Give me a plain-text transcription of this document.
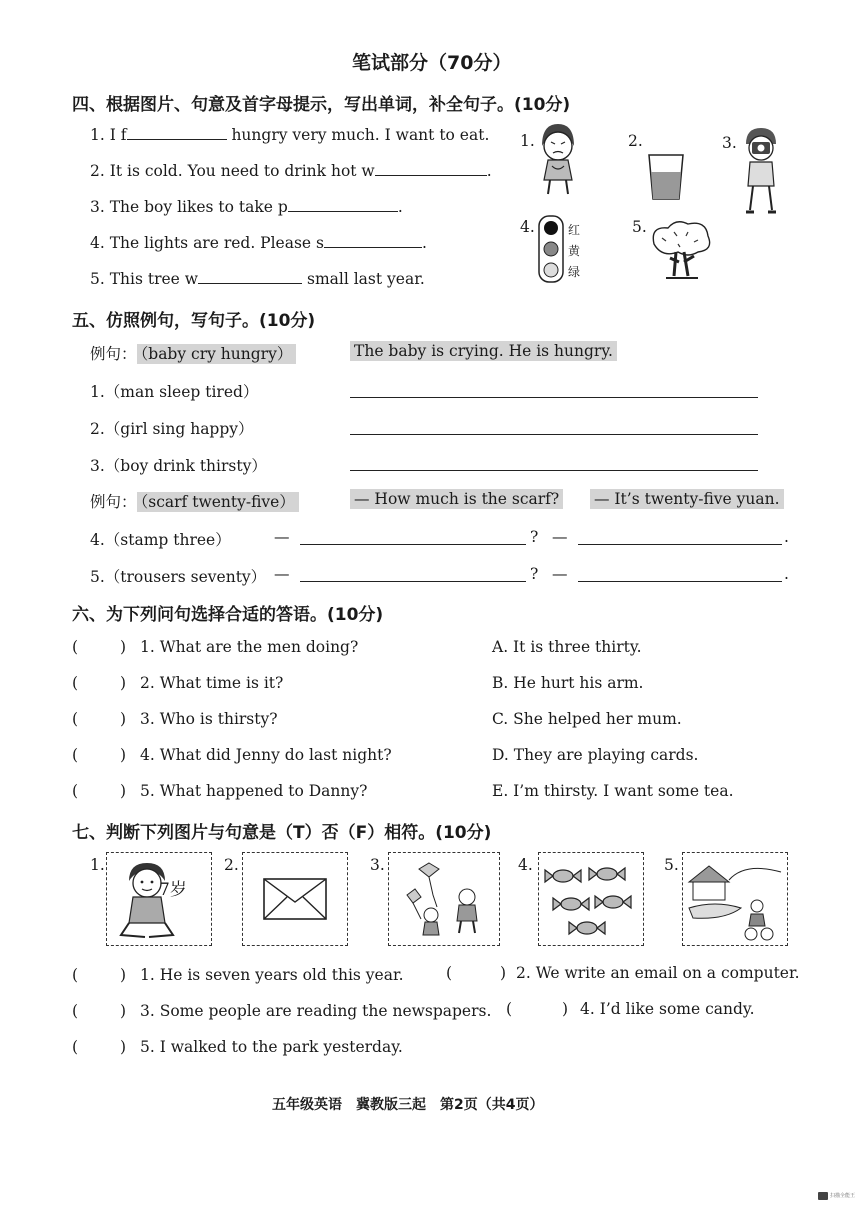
笔试部分（70分）
四、根据图片、句意及首字母提示，写出单词，补全句子。(10分)
1. I f	hungry very much. I want to eat.
2. It is cold. You need to drink hot w	.
3. The boy likes to take p	.
4. The lights are red. Please s	.
5. This tree w	small last year.
1.	2.	3.
4.	红
黄
绿
5.
五、仿照例句，写句子。(10分)
例句： （baby cry hungry）	The baby is crying. He is hungry.
1.（man sleep tired）
2.（girl sing happy）
3.（boy drink thirsty）
例句： （scarf twenty-five）	— How much is the scarf? — It’s twenty-five yuan.
4.（stamp three）	—	? —	.
5.（trousers seventy） —	? —	.
六、为下列问句选择合适的答语。(10分)
(	) 1. What are the men doing?	A. It is three thirty.
(	) 2. What time is it?	B. He hurt his arm.
(	) 3. Who is thirsty?	C. She helped her mum.
(	) 4. What did Jenny do last night?	D. They are playing cards.
(	) 5. What happened to Danny?	E. I’m thirsty. I want some tea.
七、判断下列图片与句意是（T）否（F）相符。(10分)
1.
7岁
2.	3.	4.	5.
(	) 1. He is seven years old this year.	(	) 2. We write an email on a computer.
(	) 3. Some people are reading the newspapers. (	) 4. I’d like some candy.
(	) 5. I walked to the park yesterday.
五年级英语　冀教版三起　第2页（共4页）
扫描全能王
